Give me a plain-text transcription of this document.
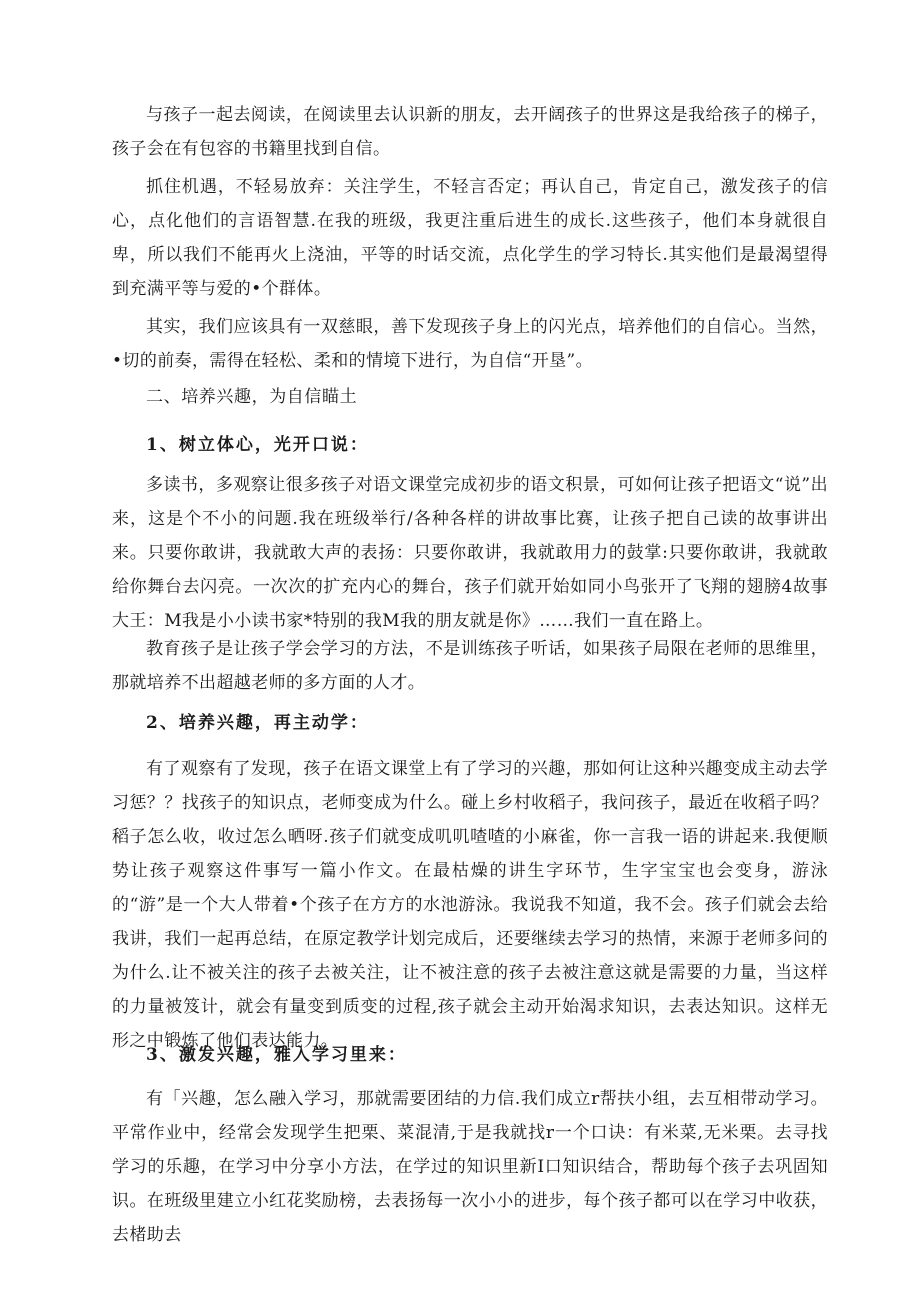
与孩子一起去阅读，在阅读里去认识新的朋友，去开阔孩子的世界这是我给孩子的梯子，孩子会在有包容的书籍里找到自信。

抓住机遇，不轻易放弃：关注学生，不轻言否定；再认自己，肯定自己，激发孩子的信心，点化他们的言语智慧.在我的班级，我更注重后进生的成长.这些孩子，他们本身就很自卑，所以我们不能再火上浇油，平等的时话交流，点化学生的学习特长.其实他们是最渴望得到充满平等与爱的•个群体。

其实，我们应该具有一双慈眼，善下发现孩子身上的闪光点，培养他们的自信心。当然，•切的前奏，需得在轻松、柔和的情境下进行，为自信“开垦”。

二、培养兴趣，为自信瞄土

1、树立体心，光开口说：

多读书，多观察让很多孩子对语文课堂完成初步的语文积景，可如何让孩子把语文“说”出来，这是个不小的问题.我在班级举行/各种各样的讲故事比赛，让孩子把自己读的故事讲出来。只要你敢讲，我就敢大声的表扬：只要你敢讲，我就敢用力的鼓掌:只要你敢讲，我就敢给你舞台去闪亮。一次次的扩充内心的舞台，孩子们就开始如同小鸟张开了飞翔的翅膀4故事大王：M我是小小读书家*特别的我M我的朋友就是你》……我们一直在路上。

教育孩子是让孩子学会学习的方法，不是训练孩子听话，如果孩子局限在老师的思维里，那就培养不出超越老师的多方面的人才。

2、培养兴趣，再主动学：

有了观察有了发现，孩子在语文课堂上有了学习的兴趣，那如何让这种兴趣变成主动去学习惩？？找孩子的知识点，老师变成为什么。碰上乡村收稻子，我问孩子，最近在收稻子吗？稻子怎么收，收过怎么晒呀.孩子们就变成叽叽喳喳的小麻雀，你一言我一语的讲起来.我便顺势让孩子观察这件事写一篇小作文。在最枯燥的讲生字环节，生字宝宝也会变身，游泳的“游”是一个大人带着•个孩子在方方的水池游泳。我说我不知道，我不会。孩子们就会去给我讲，我们一起再总结，在原定教学计划完成后，还要继续去学习的热情，来源于老师多问的为什么.让不被关注的孩子去被关注，让不被注意的孩子去被注意这就是需要的力量，当这样的力量被笈计，就会有量变到质变的过程,孩子就会主动开始渴求知识，去表达知识。这样无形之中锻炼了他们表达能力。

3、激发兴趣，雅入学习里来：

有「兴趣，怎么融入学习，那就需要团结的力信.我们成立r帮扶小组，去互相带动学习。平常作业中，经常会发现学生把栗、菜混清,于是我就找r一个口诀：有米菜,无米栗。去寻找学习的乐趣，在学习中分享小方法，在学过的知识里新I口知识结合，帮助每个孩子去巩固知识。在班级里建立小红花奖励榜，去表扬每一次小小的进步，每个孩子都可以在学习中收获，去楮助去
